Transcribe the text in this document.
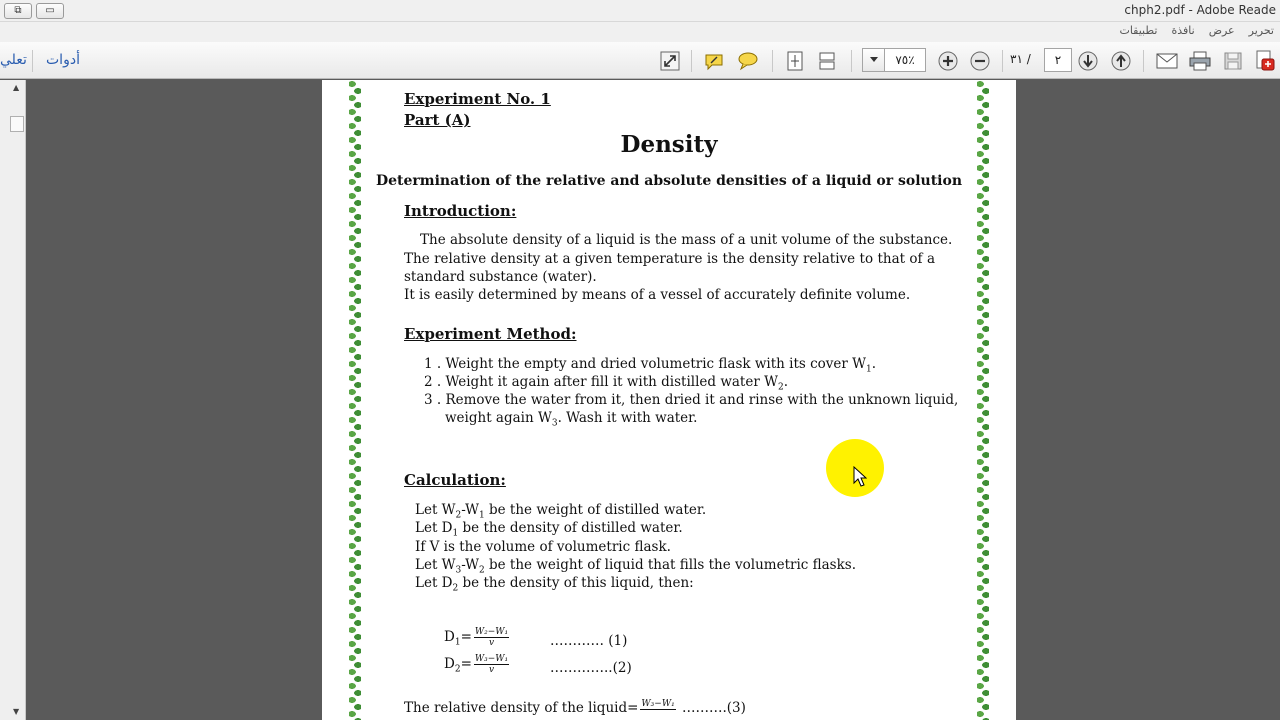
⧉	▭	chph2.pdf - Adobe Reade
تحرير
عرض
نافذة
تطبيقات
تعلي أدوات	٧٥٪	٣١ /	٢
▲
▼
Experiment No. 1
Part (A)
Density
Determination of the relative and absolute densities of a liquid or solution
Introduction:
The absolute density of a liquid is the mass of a unit volume of the substance.
The relative density at a given temperature is the density relative to that of a
standard substance (water).
It is easily determined by means of a vessel of accurately definite volume.
Experiment Method:
1 . Weight the empty and dried volumetric flask with its cover $W_1$.
2 . Weight it again after fill it with distilled water $W_2$.
3 . Remove the water from it, then dried it and rinse with the unknown liquid,
weight again $W_3$. Wash it with water.
Calculation:
Let $W_2-W_1$ be the weight of distilled water.
Let $D_1$ be the density of distilled water.
If V is the volume of volumetric flask.
Let $W_3-W_2$ be the weight of liquid that fills the volumetric flasks.
Let $D_2$ be the density of this liquid, then:
$D_1= \frac{\text{W₂−W₁}}{v}$	………… (1)
$D_2= \frac{\text{W₃−W₁}}{v}$	…………..(2)
The relative density of the liquid= W₃−W₁ ……….(3)
